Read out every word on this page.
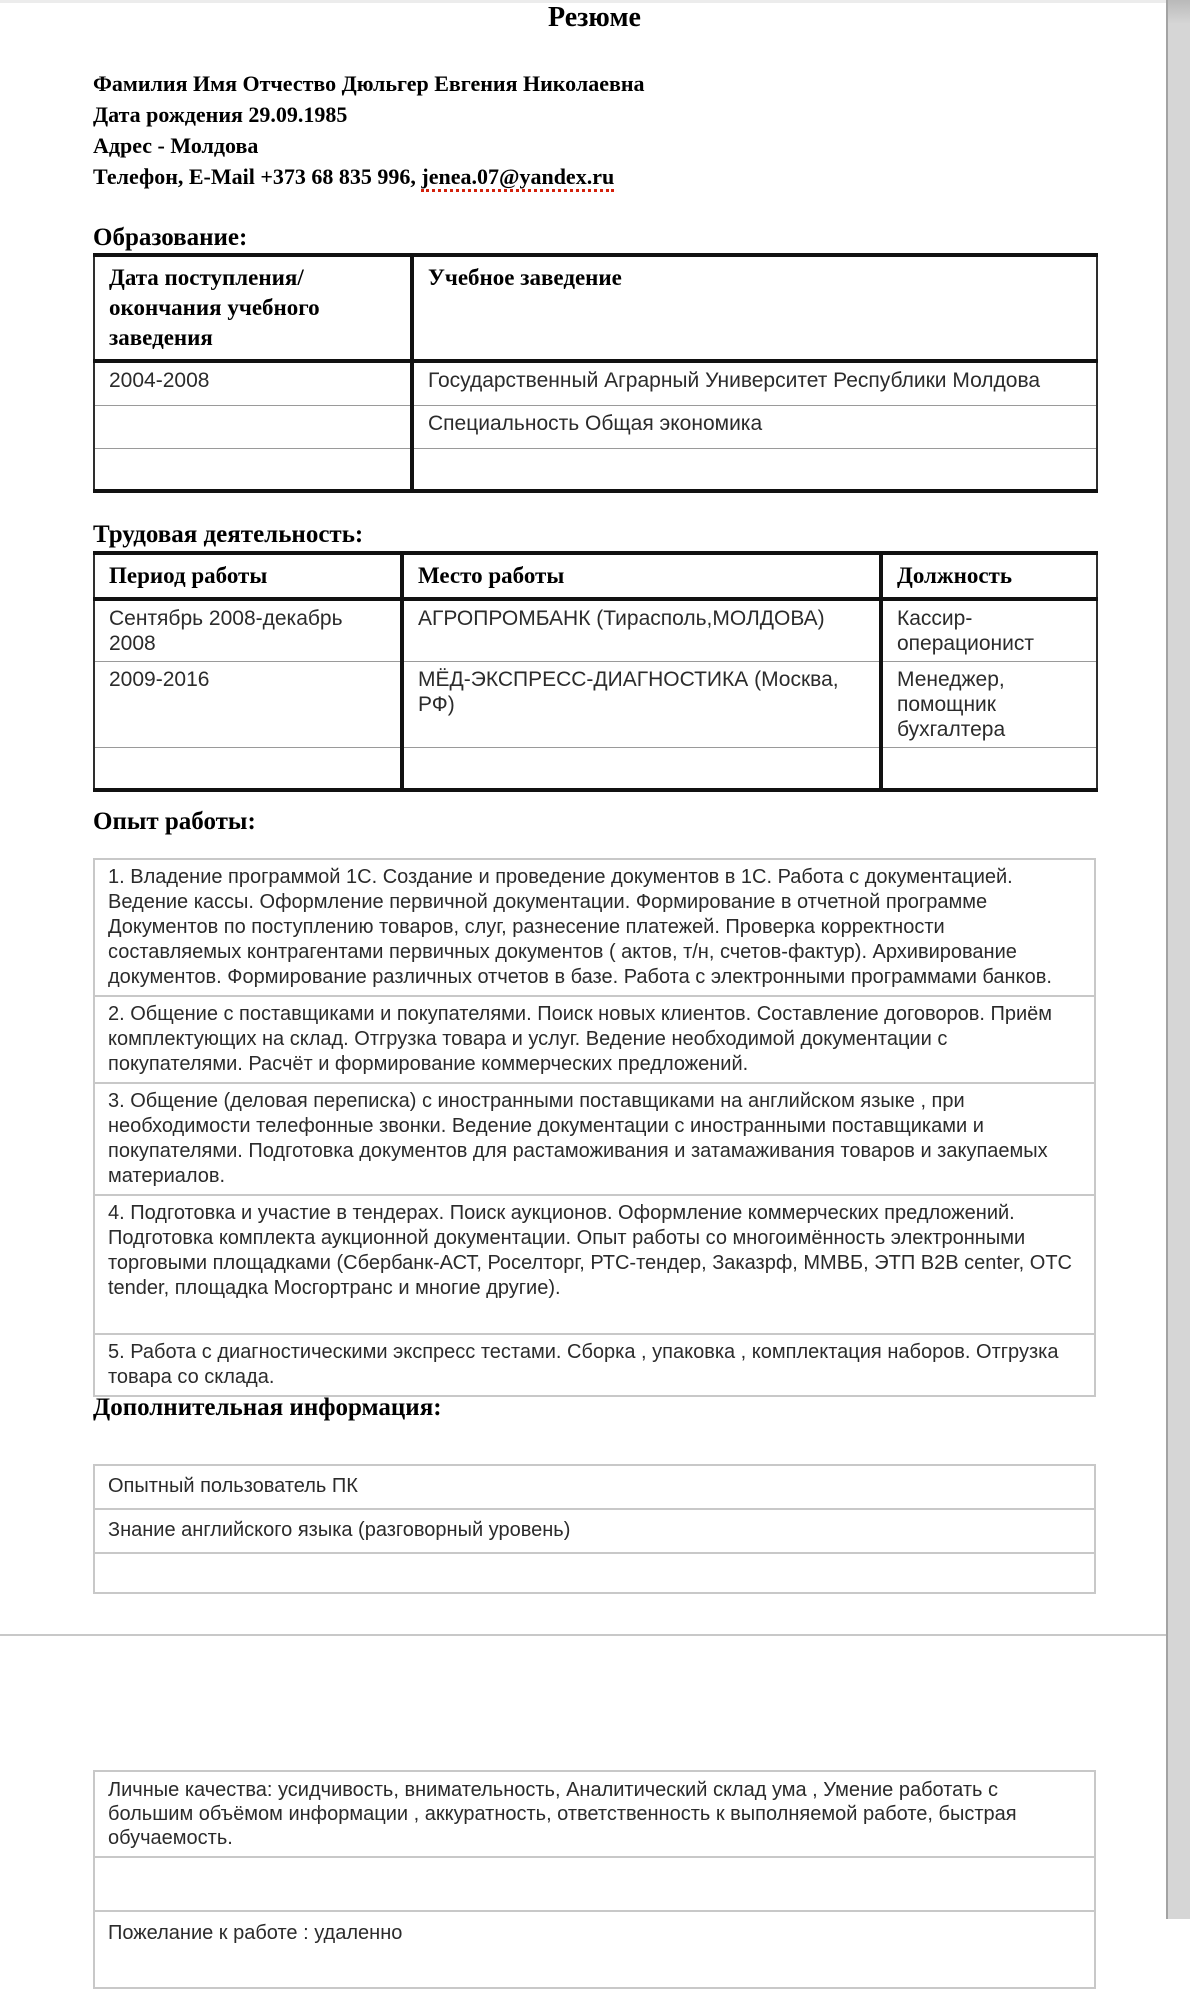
Резюме
Фамилия Имя Отчество Дюльгер Евгения Николаевна
Дата рождения 29.09.1985
Адрес - Молдова
Телефон, E-Mail +373 68 835 996, jenea.07@yandex.ru
Образование:
Дата поступления/ окончания учебного заведения	Учебное заведение
2004-2008	Государственный Аграрный Университет Республики Молдова
	Специальность Общая экономика

Трудовая деятельность:
Период работы	Место работы	Должность
Сентябрь 2008-декабрь 2008	АГРОПРОМБАНК (Тирасполь,МОЛДОВА)	Кассир-операционист
2009-2016	МЁД-ЭКСПРЕСС-ДИАГНОСТИКА (Москва, РФ)	Менеджер, помощник бухгалтера

Опыт работы:
1. Владение программой 1С. Создание и проведение документов в 1С. Работа с документацией. Ведение кассы. Оформление первичной документации. Формирование в отчетной программе Документов по поступлению товаров, слуг, разнесение платежей. Проверка корректности составляемых контрагентами первичных документов ( актов, т/н, счетов-фактур). Архивирование документов. Формирование различных отчетов в базе. Работа с электронными программами банков.
2. Общение с поставщиками и покупателями. Поиск новых клиентов. Составление договоров. Приём комплектующих на склад. Отгрузка товара и услуг. Ведение необходимой документации с покупателями. Расчёт и формирование коммерческих предложений.
3. Общение (деловая переписка) с иностранными поставщиками на английском языке , при необходимости телефонные звонки. Ведение документации с иностранными поставщиками и покупателями. Подготовка документов для растаможивания и затамаживания товаров и закупаемых материалов.
4. Подготовка и участие в тендерах. Поиск аукционов. Оформление коммерческих предложений. Подготовка комплекта аукционной документации. Опыт работы со многоимённость электронными торговыми площадками (Сбербанк-АСТ, Роселторг, РТС-тендер, Заказрф, ММВБ, ЭТП B2B center, OTC tender, площадка Мосгортранс и многие другие).
5. Работа с диагностическими экспресс тестами. Сборка , упаковка , комплектация наборов. Отгрузка товара со склада.
Дополнительная информация:
Опытный пользователь ПК
Знание английского языка (разговорный уровень)

Личные качества: усидчивость, внимательность, Аналитический склад ума , Умение работать с большим объёмом информации , аккуратность, ответственность к выполняемой работе, быстрая обучаемость.

Пожелание к работе : удаленно
